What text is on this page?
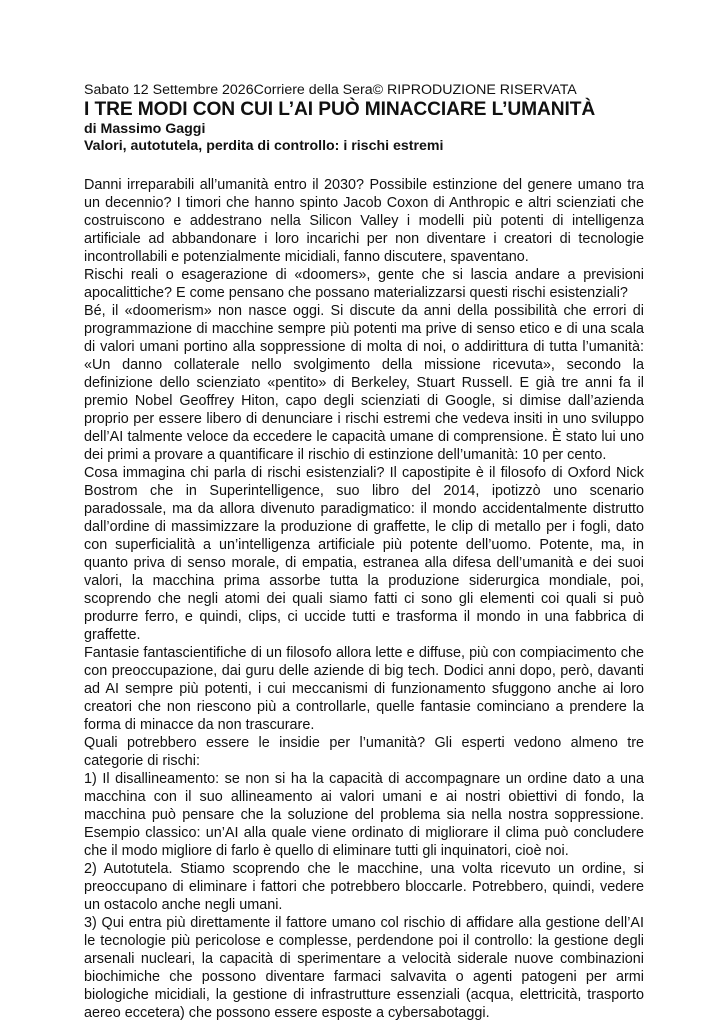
Sabato 12 Settembre 2026Corriere della Sera© RIPRODUZIONE RISERVATA
I TRE MODI CON CUI L’AI PUÒ MINACCIARE L’UMANITÀ
di Massimo Gaggi
Valori, autotutela, perdita di controllo: i rischi estremi

Danni irreparabili all’umanità entro il 2030? Possibile estinzione del genere umano tra un decennio? I timori che hanno spinto Jacob Coxon di Anthropic e altri scienziati che costruiscono e addestrano nella Silicon Valley i modelli più potenti di intelligenza artificiale ad abbandonare i loro incarichi per non diventare i creatori di tecnologie incontrollabili e potenzialmente micidiali, fanno discutere, spaventano.

Rischi reali o esagerazione di «doomers», gente che si lascia andare a previsioni apocalittiche? E come pensano che possano materializzarsi questi rischi esistenziali?

Bé, il «doomerism» non nasce oggi. Si discute da anni della possibilità che errori di programmazione di macchine sempre più potenti ma prive di senso etico e di una scala di valori umani portino alla soppressione di molta di noi, o addirittura di tutta l’umanità: «Un danno collaterale nello svolgimento della missione ricevuta», secondo la definizione dello scienziato «pentito» di Berkeley, Stuart Russell. E già tre anni fa il premio Nobel Geoffrey Hiton, capo degli scienziati di Google, si dimise dall’azienda proprio per essere libero di denunciare i rischi estremi che vedeva insiti in uno sviluppo dell’AI talmente veloce da eccedere le capacità umane di comprensione. È stato lui uno dei primi a provare a quantificare il rischio di estinzione dell’umanità: 10 per cento.

Cosa immagina chi parla di rischi esistenziali? Il capostipite è il filosofo di Oxford Nick Bostrom che in Superintelligence, suo libro del 2014, ipotizzò uno scenario paradossale, ma da allora divenuto paradigmatico: il mondo accidentalmente distrutto dall’ordine di massimizzare la produzione di graffette, le clip di metallo per i fogli, dato con superficialità a un’intelligenza artificiale più potente dell’uomo. Potente, ma, in quanto priva di senso morale, di empatia, estranea alla difesa dell’umanità e dei suoi valori, la macchina prima assorbe tutta la produzione siderurgica mondiale, poi, scoprendo che negli atomi dei quali siamo fatti ci sono gli elementi coi quali si può produrre ferro, e quindi, clips, ci uccide tutti e trasforma il mondo in una fabbrica di graffette.

Fantasie fantascientifiche di un filosofo allora lette e diffuse, più con compiacimento che con preoccupazione, dai guru delle aziende di big tech. Dodici anni dopo, però, davanti ad AI sempre più potenti, i cui meccanismi di funzionamento sfuggono anche ai loro creatori che non riescono più a controllarle, quelle fantasie cominciano a prendere la forma di minacce da non trascurare.

Quali potrebbero essere le insidie per l’umanità? Gli esperti vedono almeno tre categorie di rischi:

1) Il disallineamento: se non si ha la capacità di accompagnare un ordine dato a una macchina con il suo allineamento ai valori umani e ai nostri obiettivi di fondo, la macchina può pensare che la soluzione del problema sia nella nostra soppressione. Esempio classico: un’AI alla quale viene ordinato di migliorare il clima può concludere che il modo migliore di farlo è quello di eliminare tutti gli inquinatori, cioè noi.

2) Autotutela. Stiamo scoprendo che le macchine, una volta ricevuto un ordine, si preoccupano di eliminare i fattori che potrebbero bloccarle. Potrebbero, quindi, vedere un ostacolo anche negli umani.

3) Qui entra più direttamente il fattore umano col rischio di affidare alla gestione dell’AI le tecnologie più pericolose e complesse, perdendone poi il controllo: la gestione degli arsenali nucleari, la capacità di sperimentare a velocità siderale nuove combinazioni biochimiche che possono diventare farmaci salvavita o agenti patogeni per armi biologiche micidiali, la gestione di infrastrutture essenziali (acqua, elettricità, trasporto aereo eccetera) che possono essere esposte a cybersabotaggi.
